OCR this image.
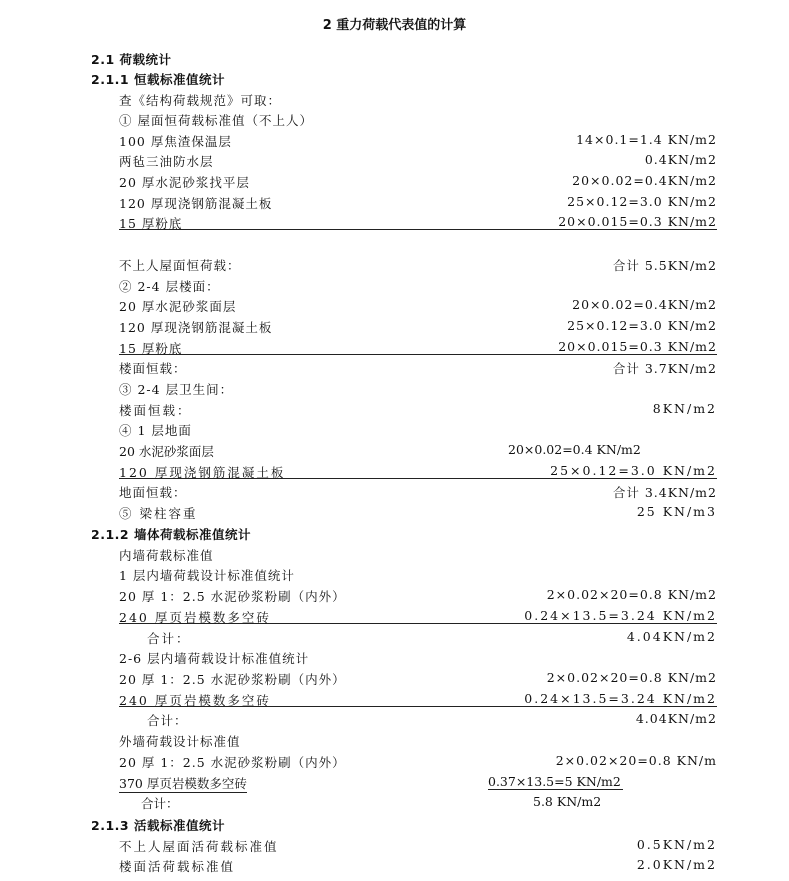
2 重力荷载代表值的计算
2.1 荷载统计
2.1.1 恒载标准值统计
查《结构荷载规范》可取：
① 屋面恒荷载标准值（不上人）
100 厚焦渣保温层	14×0.1=1.4 KN/m2
两毡三油防水层	0.4KN/m2
20 厚水泥砂浆找平层	20×0.02=0.4KN/m2
120 厚现浇钢筋混凝土板	25×0.12=3.0 KN/m2
15 厚粉底	20×0.015=0.3 KN/m2
不上人屋面恒荷载：	合计 5.5KN/m2
② 2-4 层楼面：
20 厚水泥砂浆面层	20×0.02=0.4KN/m2
120 厚现浇钢筋混凝土板	25×0.12=3.0 KN/m2
15 厚粉底	20×0.015=0.3 KN/m2
楼面恒载：	合计 3.7KN/m2
③ 2-4 层卫生间：
楼面恒载：	8KN/m2
④ 1 层地面
20 水泥砂浆面层	20×0.02=0.4 KN/m2
120 厚现浇钢筋混凝土板	25×0.12=3.0 KN/m2
地面恒载：	合计 3.4KN/m2
⑤ 梁柱容重	25 KN/m3
2.1.2 墙体荷载标准值统计
内墙荷载标准值
1 层内墙荷载设计标准值统计
20 厚 1：2.5 水泥砂浆粉刷（内外）	2×0.02×20=0.8 KN/m2
240 厚页岩模数多空砖	0.24×13.5=3.24 KN/m2
合计：	4.04KN/m2
2-6 层内墙荷载设计标准值统计
20 厚 1：2.5 水泥砂浆粉刷（内外）	2×0.02×20=0.8 KN/m2
240 厚页岩模数多空砖	0.24×13.5=3.24 KN/m2
合计：	4.04KN/m2
外墙荷载设计标准值
20 厚 1：2.5 水泥砂浆粉刷（内外）	2×0.02×20=0.8 KN/m
370 厚页岩模数多空砖	0.37×13.5=5 KN/m2
合计：	5.8 KN/m2
2.1.3 活载标准值统计
不上人屋面活荷载标准值	0.5KN/m2
楼面活荷载标准值	2.0KN/m2
